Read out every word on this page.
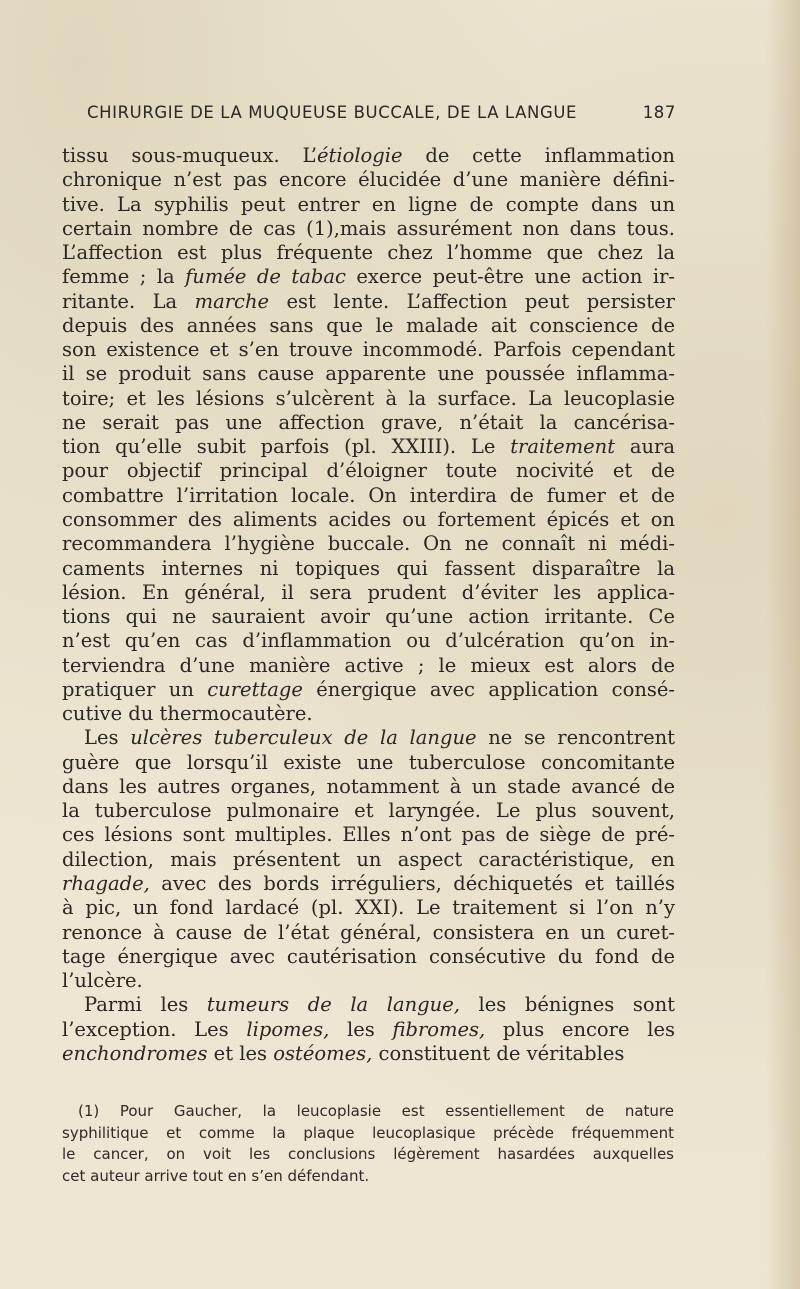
CHIRURGIE DE LA MUQUEUSE BUCCALE, DE LA LANGUE	187
tissu sous-muqueux. L’étiologie de cette inflammation
chronique n’est pas encore élucidée d’une manière défini-
tive. La syphilis peut entrer en ligne de compte dans un
certain nombre de cas (1),mais assurément non dans tous.
L’affection est plus fréquente chez l’homme que chez la
femme ; la fumée de tabac exerce peut-être une action ir-
ritante. La marche est lente. L’affection peut persister
depuis des années sans que le malade ait conscience de
son existence et s’en trouve incommodé. Parfois cependant
il se produit sans cause apparente une poussée inflamma-
toire; et les lésions s’ulcèrent à la surface. La leucoplasie
ne serait pas une affection grave, n’était la cancérisa-
tion qu’elle subit parfois (pl. XXIII). Le traitement aura
pour objectif principal d’éloigner toute nocivité et de
combattre l’irritation locale. On interdira de fumer et de
consommer des aliments acides ou fortement épicés et on
recommandera l’hygiène buccale. On ne connaît ni médi-
caments internes ni topiques qui fassent disparaître la
lésion. En général, il sera prudent d’éviter les applica-
tions qui ne sauraient avoir qu’une action irritante. Ce
n’est qu’en cas d’inflammation ou d’ulcération qu’on in-
terviendra d’une manière active ; le mieux est alors de
pratiquer un curettage énergique avec application consé-
cutive du thermocautère.
Les ulcères tuberculeux de la langue ne se rencontrent
guère que lorsqu’il existe une tuberculose concomitante
dans les autres organes, notamment à un stade avancé de
la tuberculose pulmonaire et laryngée. Le plus souvent,
ces lésions sont multiples. Elles n’ont pas de siège de pré-
dilection, mais présentent un aspect caractéristique, en
rhagade, avec des bords irréguliers, déchiquetés et taillés
à pic, un fond lardacé (pl. XXI). Le traitement si l’on n’y
renonce à cause de l’état général, consistera en un curet-
tage énergique avec cautérisation consécutive du fond de
l’ulcère.
Parmi les tumeurs de la langue, les bénignes sont
l’exception. Les lipomes, les fibromes, plus encore les
enchondromes et les ostéomes, constituent de véritables
(1) Pour Gaucher, la leucoplasie est essentiellement de nature
syphilitique et comme la plaque leucoplasique précède fréquemment
le cancer, on voit les conclusions légèrement hasardées auxquelles
cet auteur arrive tout en s’en défendant.
